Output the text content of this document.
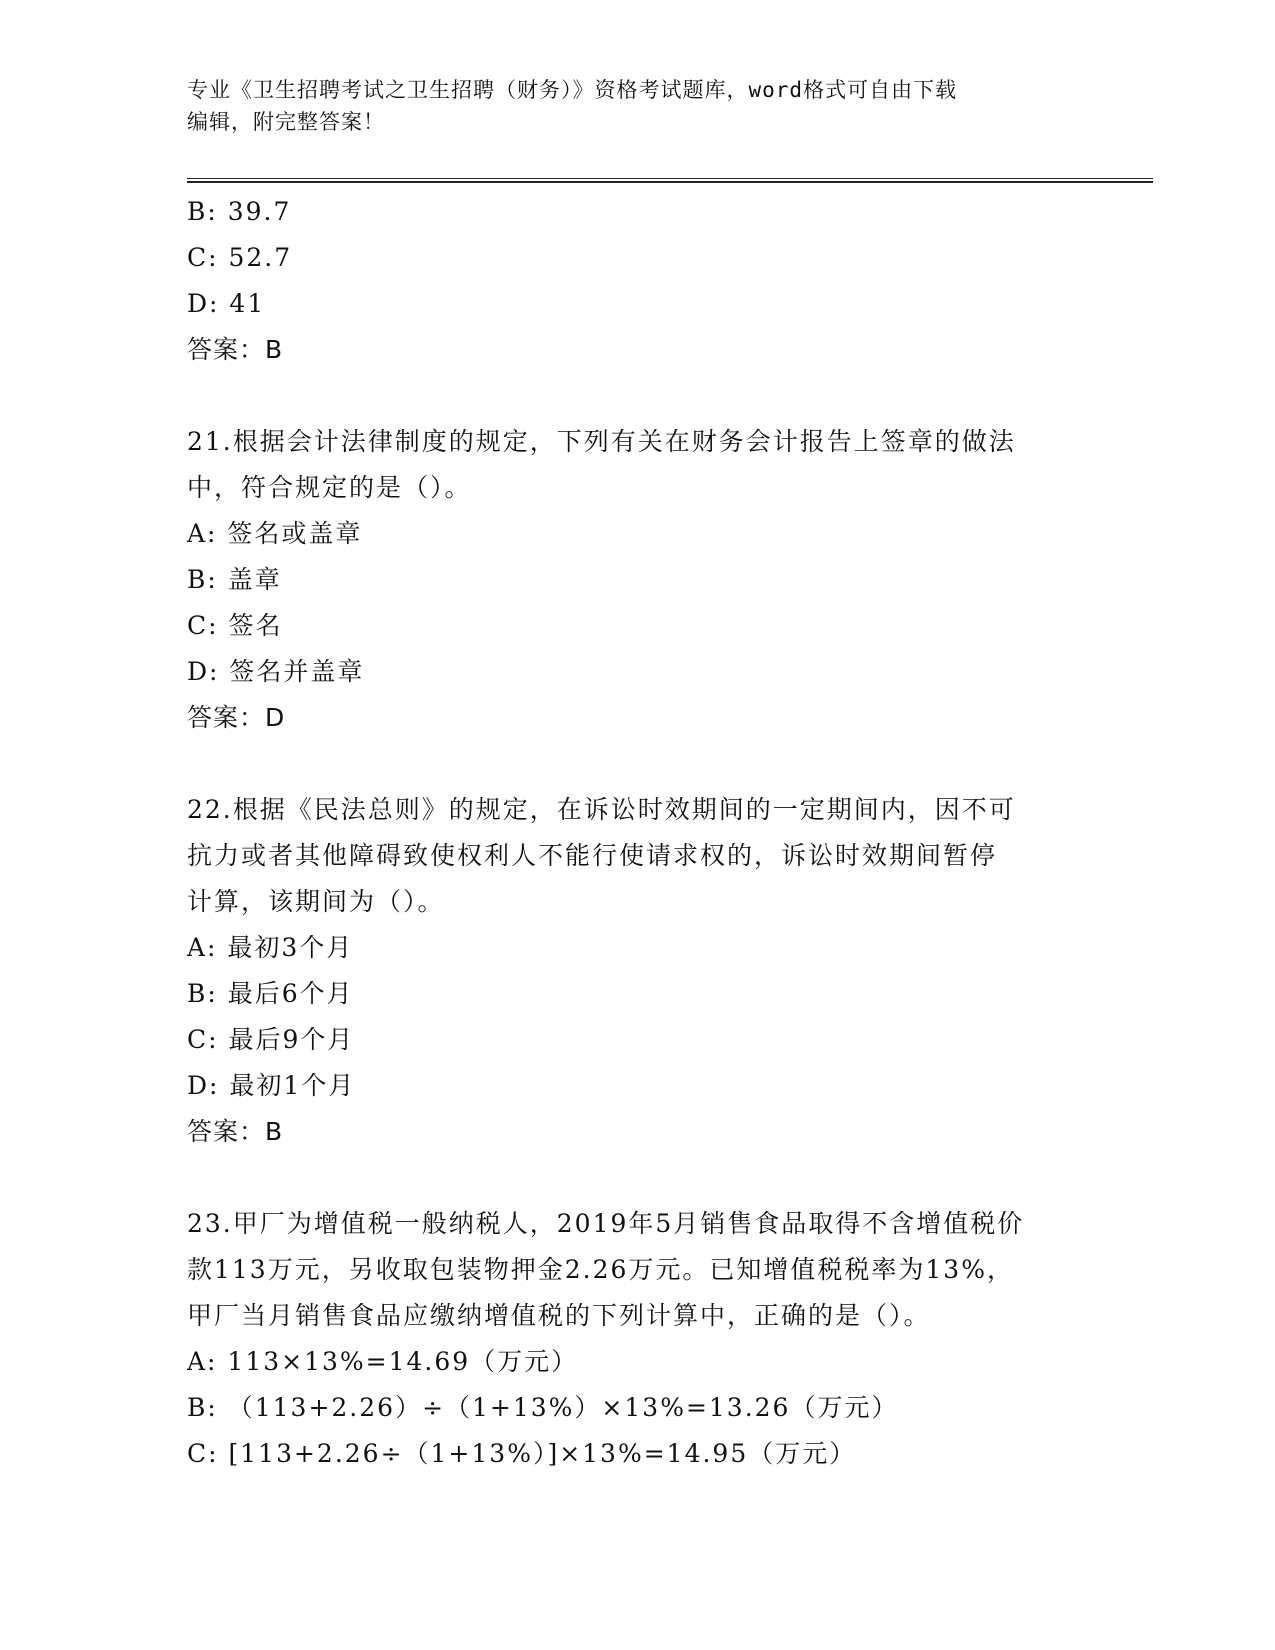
专业《卫生招聘考试之卫生招聘（财务）》资格考试题库，word格式可自由下载
编辑，附完整答案！
B: 39.7
C: 52.7
D: 41
答案：B
21.根据会计法律制度的规定，下列有关在财务会计报告上签章的做法
中，符合规定的是（）。
A: 签名或盖章
B: 盖章
C: 签名
D: 签名并盖章
答案：D
22.根据《民法总则》的规定，在诉讼时效期间的一定期间内，因不可
抗力或者其他障碍致使权利人不能行使请求权的，诉讼时效期间暂停
计算，该期间为（）。
A: 最初3个月
B: 最后6个月
C: 最后9个月
D: 最初1个月
答案：B
23.甲厂为增值税一般纳税人，2019年5月销售食品取得不含增值税价
款113万元，另收取包装物押金2.26万元。已知增值税税率为13%，
甲厂当月销售食品应缴纳增值税的下列计算中，正确的是（）。
A: 113×13%=14.69（万元）
B: （113+2.26）÷（1+13%）×13%=13.26（万元）
C: [113+2.26÷（1+13%）]×13%=14.95（万元）
